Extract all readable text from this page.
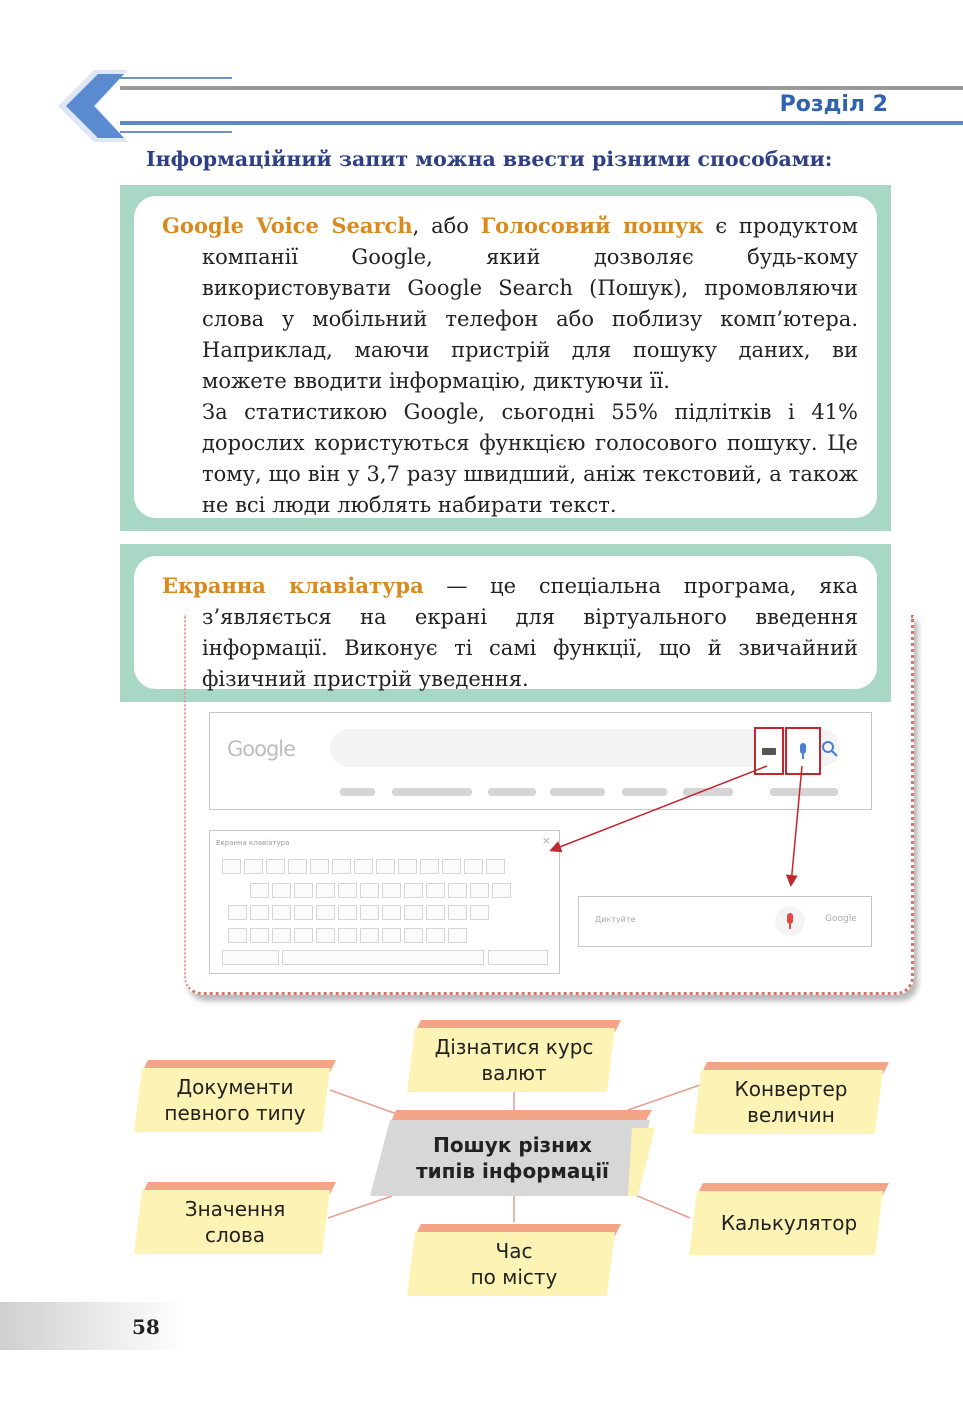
Розділ 2
Інформаційний запит можна ввести різними способами:

Google Voice Search, або Голосовий пошук є продуктом компанії Google, який дозволяє будь-кому використовувати Google Search (Пошук), промовляючи слова у мобільний телефон або поблизу комп’ютера. Наприклад, маючи пристрій для пошуку даних, ви можете вводити інформацію, диктуючи її.

За статистикою Google, сьогодні 55% підлітків і 41% дорослих користуються функцією голосового пошуку. Це тому, що він у 3,7 разу швидший, аніж текстовий, а також не всі люди люблять набирати текст.

Екранна клавіатура — це спеціальна програма, яка з’являється на екрані для віртуального введення інформації. Виконує ті самі функції, що й звичайний фізичний пристрій уведення.

Google
Екранна клавіатура	×
Диктуйте	Google
Документи
певного типу
Дізнатися курс
валют
Конвертер
величин
Пошук різних
типів інформації
Значення
слова
Час
по місту
Калькулятор
58
